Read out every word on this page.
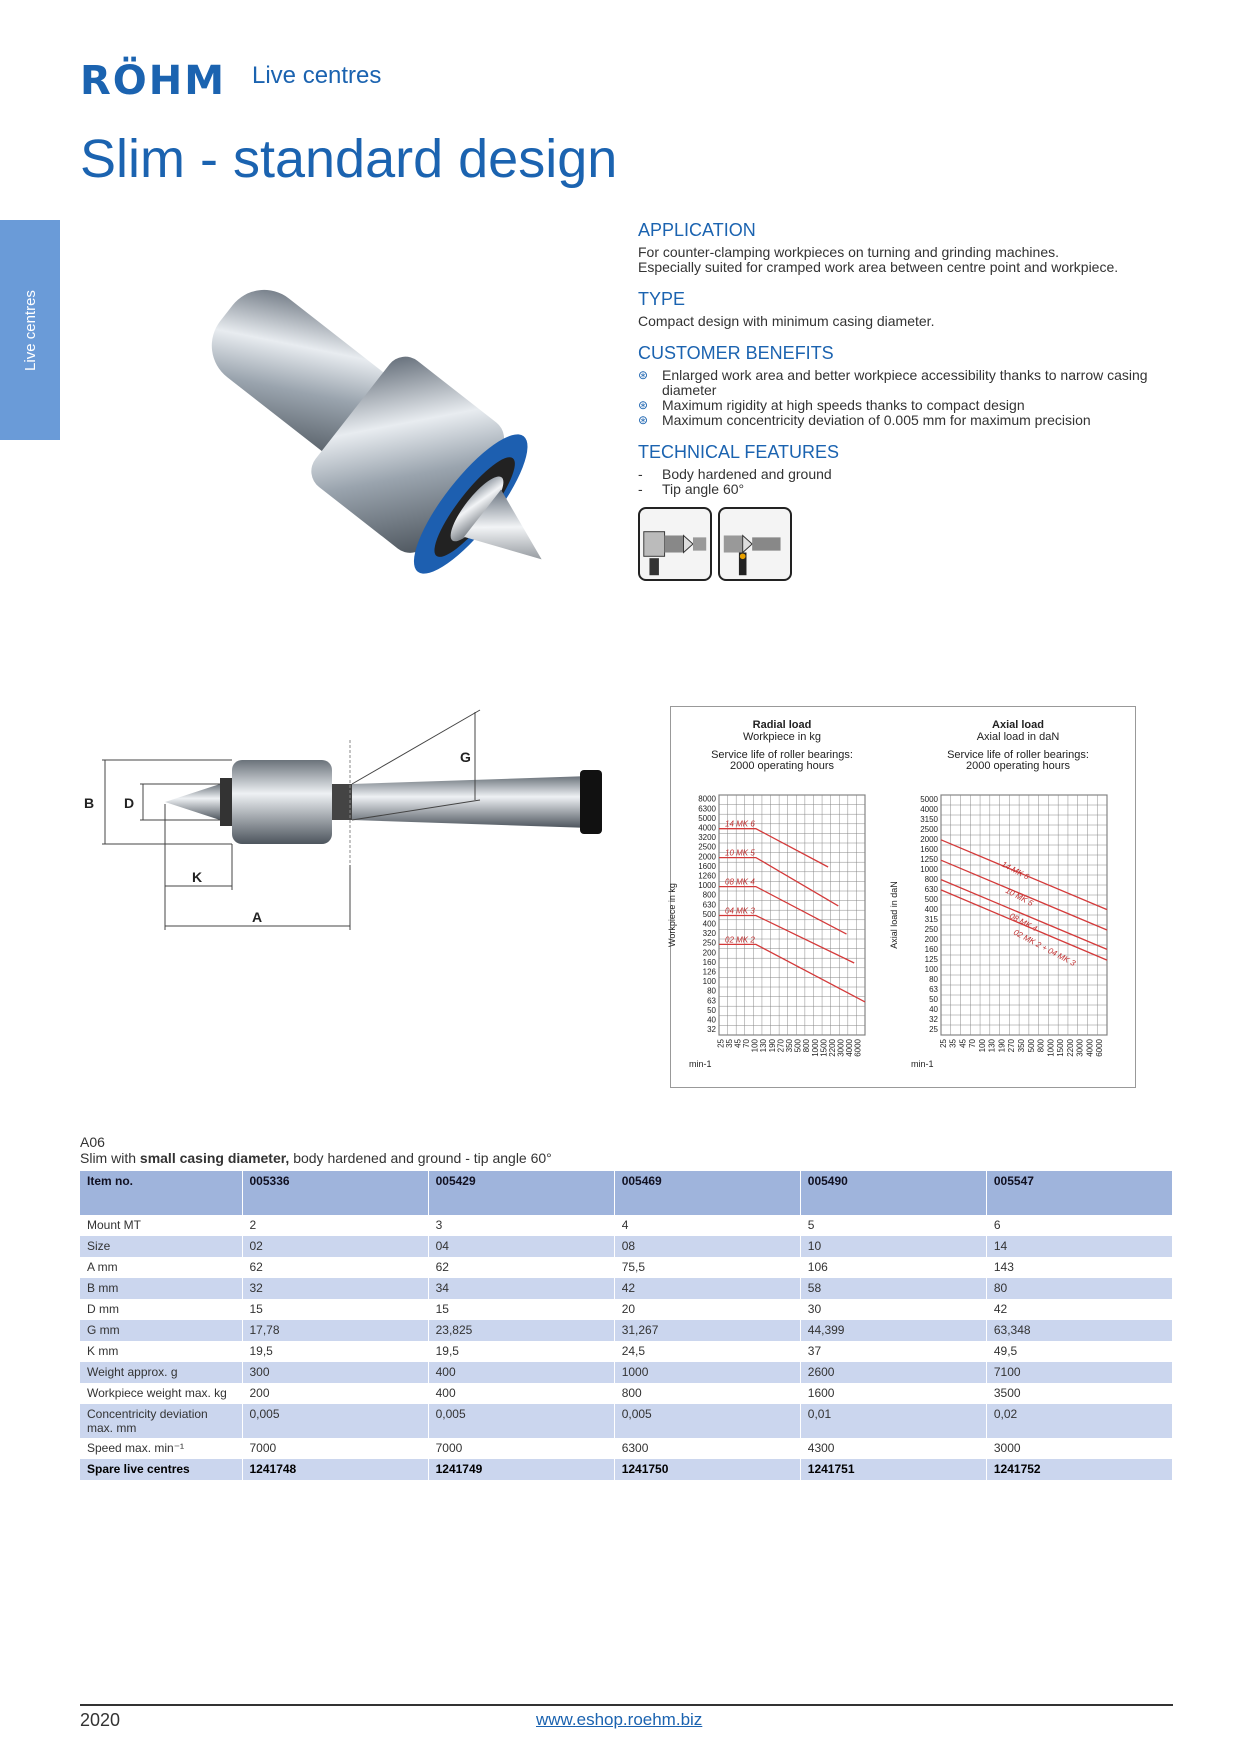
RÖHM Live centres
Slim - standard design
Live centres
APPLICATION

For counter-clamping workpieces on turning and grinding machines.

Especially suited for cramped work area between centre point and workpiece.

TYPE

Compact design with minimum casing diameter.

CUSTOMER BENEFITS
⊛ Enlarged work area and better workpiece accessibility thanks to narrow casing diameter
⊛ Maximum rigidity at high speeds thanks to compact design
⊛ Maximum concentricity deviation of 0.005 mm for maximum precision
TECHNICAL FEATURES
- Body hardened and ground
- Tip angle 60°
B D
G
K
A
Radial load
Workpiece in kg
Service life of roller bearings:
2000 operating hours
8000
6300
5000
4000
3200
2500
2000
1600
1260
1000
800
630
500
400
320
250
200
160
126
100
80
63
50
40
32
25 35 45 70 100 130 190 270 350 500 800 1000 1500 2200 3000 4000 6000
min-1
Workpiece in kg
14 MK 6
10 MK 5
08 MK 4
04 MK 3
02 MK 2
Axial load
Axial load in daN
Service life of roller bearings:
2000 operating hours
5000
4000
3150
2500
2000
1600
1250
1000
800
630
500
400
315
250
200
160
125
100
80
63
50
40
32
25
25 35 45 70 100 130 190 270 350 500 800 1000 1500 2200 3000 4000 6000
min-1
Axial load in daN
14 MK 6
10 MK 5
08 MK 4
02 MK 2 + 04 MK 3
A06
Slim with small casing diameter, body hardened and ground - tip angle 60°
Item no.	005336	005429	005469	005490	005547
Mount MT	2	3	4	5	6
Size	02	04	08	10	14
A mm	62	62	75,5	106	143
B mm	32	34	42	58	80
D mm	15	15	20	30	42
G mm	17,78	23,825	31,267	44,399	63,348
K mm	19,5	19,5	24,5	37	49,5
Weight approx. g	300	400	1000	2600	7100
Workpiece weight max. kg	200	400	800	1600	3500
Concentricity deviation max. mm	0,005	0,005	0,005	0,01	0,02
Speed max. min⁻¹	7000	7000	6300	4300	3000
Spare live centres	1241748	1241749	1241750	1241751	1241752
2020	www.eshop.roehm.biz
